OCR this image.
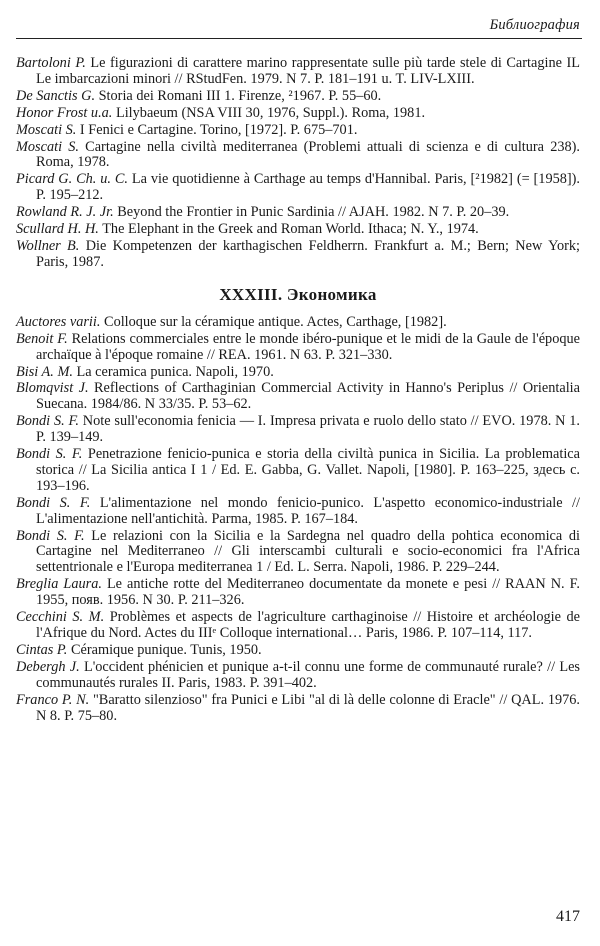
Библиография

Bartoloni P. Le figurazioni di carattere marino rappresentate sulle più tarde stele di Cartagine IL Le imbarcazioni minori // RStudFen. 1979. N 7. P. 181–191 u. T. LIV-LXIII.

De Sanctis G. Storia dei Romani III 1. Firenze, ²1967. P. 55–60.

Honor Frost u.a. Lilybaeum (NSA VIII 30, 1976, Suppl.). Roma, 1981.

Moscati S. I Fenici e Cartagine. Torino, [1972]. P. 675–701.

Moscati S. Cartagine nella civiltà mediterranea (Problemi attuali di scienza e di cultura 238). Roma, 1978.

Picard G. Ch. u. C. La vie quotidienne à Carthage au temps d'Hannibal. Paris, [²1982] (= [1958]). P. 195–212.

Rowland R. J. Jr. Beyond the Frontier in Punic Sardinia // AJAH. 1982. N 7. P. 20–39.

Scullard H. H. The Elephant in the Greek and Roman World. Ithaca; N. Y., 1974.

Wollner B. Die Kompetenzen der karthagischen Feldherrn. Frankfurt a. M.; Bern; New York; Paris, 1987.

XXXIII. Экономика

Auctores varii. Colloque sur la céramique antique. Actes, Carthage, [1982].

Benoit F. Relations commerciales entre le monde ibéro-punique et le midi de la Gaule de l'époque archaïque à l'époque romaine // REA. 1961. N 63. P. 321–330.

Bisi A. M. La ceramica punica. Napoli, 1970.

Blomqvist J. Reflections of Carthaginian Commercial Activity in Hanno's Periplus // Orientalia Suecana. 1984/86. N 33/35. P. 53–62.

Bondi S. F. Note sull'economia fenicia — I. Impresa privata e ruolo dello stato // EVO. 1978. N 1. P. 139–149.

Bondi S. F. Penetrazione fenicio-punica e storia della civiltà punica in Sicilia. La problematica storica // La Sicilia antica I 1 / Ed. E. Gabba, G. Vallet. Napoli, [1980]. P. 163–225, здесь с. 193–196.

Bondi S. F. L'alimentazione nel mondo fenicio-punico. L'aspetto economico-industriale // L'alimentazione nell'antichità. Parma, 1985. P. 167–184.

Bondi S. F. Le relazioni con la Sicilia e la Sardegna nel quadro della pohtica economica di Cartagine nel Mediterraneo // Gli interscambi culturali e socio-economici fra l'Africa settentrionale e l'Europa mediterranea 1 / Ed. L. Serra. Napoli, 1986. P. 229–244.

Breglia Laura. Le antiche rotte del Mediterraneo documentate da monete e pesi // RAAN N. F. 1955, появ. 1956. N 30. P. 211–326.

Cecchini S. M. Problèmes et aspects de l'agriculture carthaginoise // Histoire et archéologie de l'Afrique du Nord. Actes du IIIᵉ Colloque international… Paris, 1986. P. 107–114, 117.

Cintas P. Céramique punique. Tunis, 1950.

Debergh J. L'occident phénicien et punique a-t-il connu une forme de communauté rurale? // Les communautés rurales II. Paris, 1983. P. 391–402.

Franco P. N. "Baratto silenzioso" fra Punici e Libi "al di là delle colonne di Eracle" // QAL. 1976. N 8. P. 75–80.

417
